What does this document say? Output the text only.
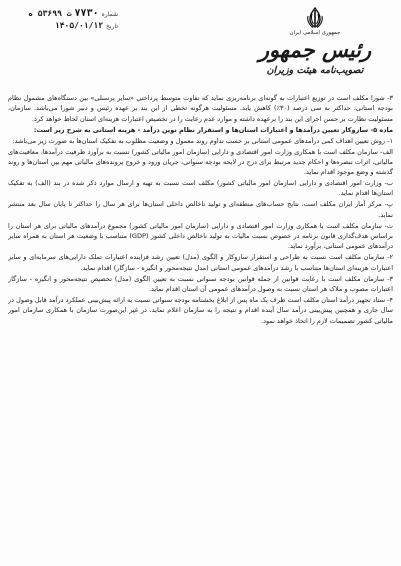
شماره
۷۷۳۰
ت ۵۳۶۹۹ ه
تاریخ
۱۴۰۵/۰۱/۱۲
جمهوری اسلامی ایران
رئیس جمهور
تصویب‌نامه هیئت وزیران

۳- شورا مکلف است در توزیع اعتبارات به گونه‌ای برنامه‌ریزی نماید که تفاوت متوسط پرداختی «سایر پرسنلی» بین دستگاه‌های مشمول نظام بودجه استانی، حداکثر به سی درصد (۳۰٪) کاهش یابد. مسئولیت هرگونه تخطی از این بند بر عهده رئیس و دبیر شورا می‌باشد. سازمان، مسئولیت نظارت بر حسن اجرای این بند را برعهده داشته و موارد عدم رعایت را در تخصیص اعتبارات هزینه‌ای استان لحاظ خواهد کرد.

ماده ۵- سازوکار تعیین درآمدها و اعتبارات استان‌ها و استقرار نظام نوین درآمد - هزینه استانی به شرح زیر است:

۱- روش تعیین اهداف کمی درآمدهای عمومی استانی بر حسب تداوم روند معمول و وضعیت مطلوب به تفکیک استان‌ها به صورت زیر می‌باشد:

الف- سازمان مکلف است با همکاری وزارت امور اقتصادی و دارایی (سازمان امور مالیاتی کشور) نسبت به برآورد ظرفیت درآمدها، معافیت‌های مالیاتی، اثرات تبصره‌ها و احکام جدید مرتبط برای درج در لایحه بودجه سنواتی، جریان ورود و خروج پرونده‌های مالیاتی مهم بین استان‌ها و روند گذشته و وضع موجود اقدام نماید.

ب- وزارت امور اقتصادی و دارایی (سازمان امور مالیاتی کشور) مکلف است نسبت به تهیه و ارسال موارد ذکر شده در بند (الف) به تفکیک استان‌ها اقدام نماید.

پ- مرکز آمار ایران مکلف است، نتایج حساب‌های منطقه‌ای و تولید ناخالص داخلی استان‌ها برای هر سال را حداکثر تا پایان سال بعد منتشر نماید.

ت- سازمان مکلف است با همکاری وزارت امور اقتصادی و دارایی (سازمان امور مالیاتی کشور) مجموع درآمدهای مالیاتی برای هر استان را براساس هدف‌گذاری قانون برنامه در خصوص نسبت مالیات به تولید ناخالص داخلی کشور (GDP) متناسب با وضعیت هر استان به همراه سایر درآمدهای عمومی استانی، برآورد نماید.

۲- سازمان مکلف است نسبت به طراحی و استقرار سازوکار و الگوی (مدل) تعیین رشد فزاینده اعتبارات تملک دارایی‌های سرمایه‌ای و سایر اعتبارات هزینه‌ای استان‌ها متناسب با رشد درآمدهای عمومی استانی (مدل نتیجه‌محور و انگیزه - سازگار) اقدام نماید.

۳- سازمان مکلف است با رعایت قوانین از جمله قوانین بودجه سنواتی نسبت به تعیین الگوی (مدل) تخصیص نتیجه‌محور و انگیزه - سازگار اعتبارات مصوب و ملاک هر استان نسبت به وصول درآمدهای عمومی آن استان اقدام نماید.

۴- ستاد تجهیز درآمد استان مکلف است ظرف یک ماه پس از ابلاغ بخشنامه بودجه سنواتی نسبت به ارائه پیش‌بینی عملکرد درآمد قابل وصول در سال جاری و همچنین پیش‌بینی درآمد سال آینده اقدام و نتیجه را به سازمان اعلام نماید، در غیر این‌صورت سازمان با همکاری سازمان امور مالیاتی کشور تصمیمات لازم را اتخاذ خواهد نمود.
